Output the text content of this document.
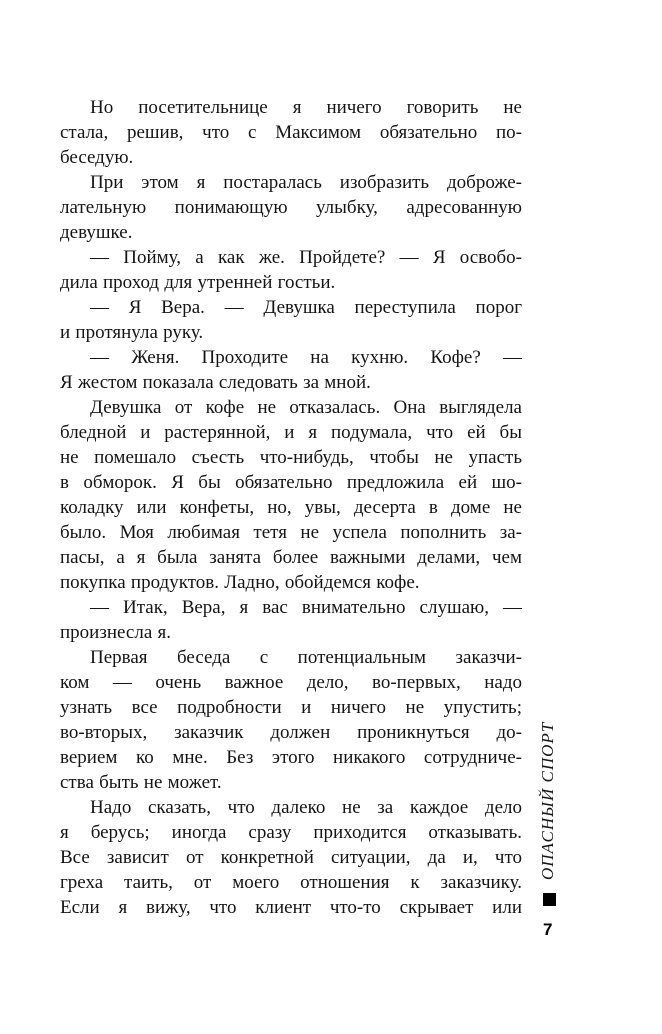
Но посетительнице я ничего говорить не
стала, решив, что с Максимом обязательно по-
беседую.
При этом я постаралась изобразить доброже-
лательную понимающую улыбку, адресованную
девушке.
— Пойму, а как же. Пройдете? — Я освобо-
дила проход для утренней гостьи.
— Я Вера. — Девушка переступила порог
и протянула руку.
— Женя. Проходите на кухню. Кофе? —
Я жестом показала следовать за мной.
Девушка от кофе не отказалась. Она выглядела
бледной и растерянной, и я подумала, что ей бы
не помешало съесть что-нибудь, чтобы не упасть
в обморок. Я бы обязательно предложила ей шо-
коладку или конфеты, но, увы, десерта в доме не
было. Моя любимая тетя не успела пополнить за-
пасы, а я была занята более важными делами, чем
покупка продуктов. Ладно, обойдемся кофе.
— Итак, Вера, я вас внимательно слушаю, —
произнесла я.
Первая беседа с потенциальным заказчи-
ком — очень важное дело, во-первых, надо
узнать все подробности и ничего не упустить;
во-вторых, заказчик должен проникнуться до-
верием ко мне. Без этого никакого сотрудниче-
ства быть не может.
Надо сказать, что далеко не за каждое дело
я берусь; иногда сразу приходится отказывать.
Все зависит от конкретной ситуации, да и, что
греха таить, от моего отношения к заказчику.
Если я вижу, что клиент что-то скрывает или
ОПАСНЫЙ СПОРТ
7
